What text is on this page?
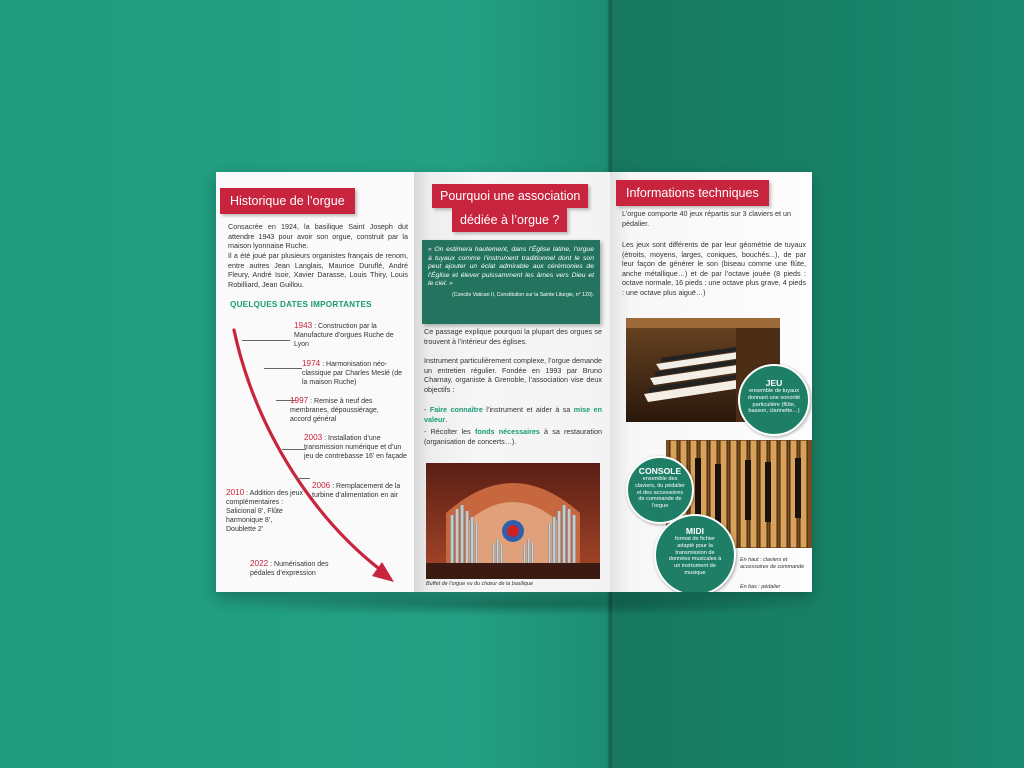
Historique de l’orgue
Consacrée en 1924, la basilique Saint Joseph dut attendre 1943 pour avoir son orgue, construit par la maison lyonnaise Ruche.
Il a été joué par plusieurs organistes français de renom, entre autres Jean Langlais, Maurice Duruflé, André Fleury, André Isoir, Xavier Darasse, Louis Thiry, Louis Robilliard, Jean Guillou.
QUELQUES DATES IMPORTANTES
1943 : Construction par la Manufacture d’orgues Ruche de Lyon
1974 : Harmonisation néo-classique par Charles Meslé (de la maison Ruche)
1997 : Remise à neuf des membranes, dépoussiérage, accord général
2003 : Installation d’une transmission numérique et d’un jeu de contrebasse 16’ en façade
2006 : Remplacement de la turbine d’alimentation en air
2010 : Addition des jeux complémentaires : Salicional 8’, Flûte harmonique 8’, Doublette 2’
2022 : Numérisation des pédales d’expression
Pourquoi une association
dédiée à l’orgue ?
« On estimera hautement, dans l’Église latine, l’orgue à tuyaux comme l’instrument traditionnel dont le son peut ajouter un éclat admirable aux cérémonies de l’Église et élever puissamment les âmes vers Dieu et le ciel. »
(Concile Vatican II, Constitution sur la Sainte Liturgie, n° 120).
Ce passage explique pourquoi la plupart des orgues se trouvent à l’intérieur des églises.
Instrument particulièrement complexe, l’orgue demande un entretien régulier. Fondée en 1993 par Bruno Charnay, organiste à Grenoble, l’association vise deux objectifs :
- Faire connaître l’instrument et aider à sa mise en valeur.
- Récolter les fonds nécessaires à sa restauration (organisation de concerts…).
Buffet de l’orgue vu du chœur de la basilique
Informations techniques
L’orgue comporte 40 jeux répartis sur 3 claviers et un pédalier.
Les jeux sont différents de par leur géométrie de tuyaux (étroits, moyens, larges, coniques, bouchés...), de par leur façon de générer le son (biseau comme une flûte, anche métallique…) et de par l’octave jouée (8 pieds : octave normale, 16 pieds : une octave plus grave, 4 pieds : une octave plus aiguë…)
JEU
ensemble de tuyaux donnant une sonorité particulière (flûte, basson, clarinette…)
CONSOLE
ensemble des claviers, du pédalier et des accessoires de commande de l’orgue
MIDI
format de fichier adapté pour la transmission de données musicales à un instrument de musique
En haut : claviers et accessoires de commande
En bas : pédalier
